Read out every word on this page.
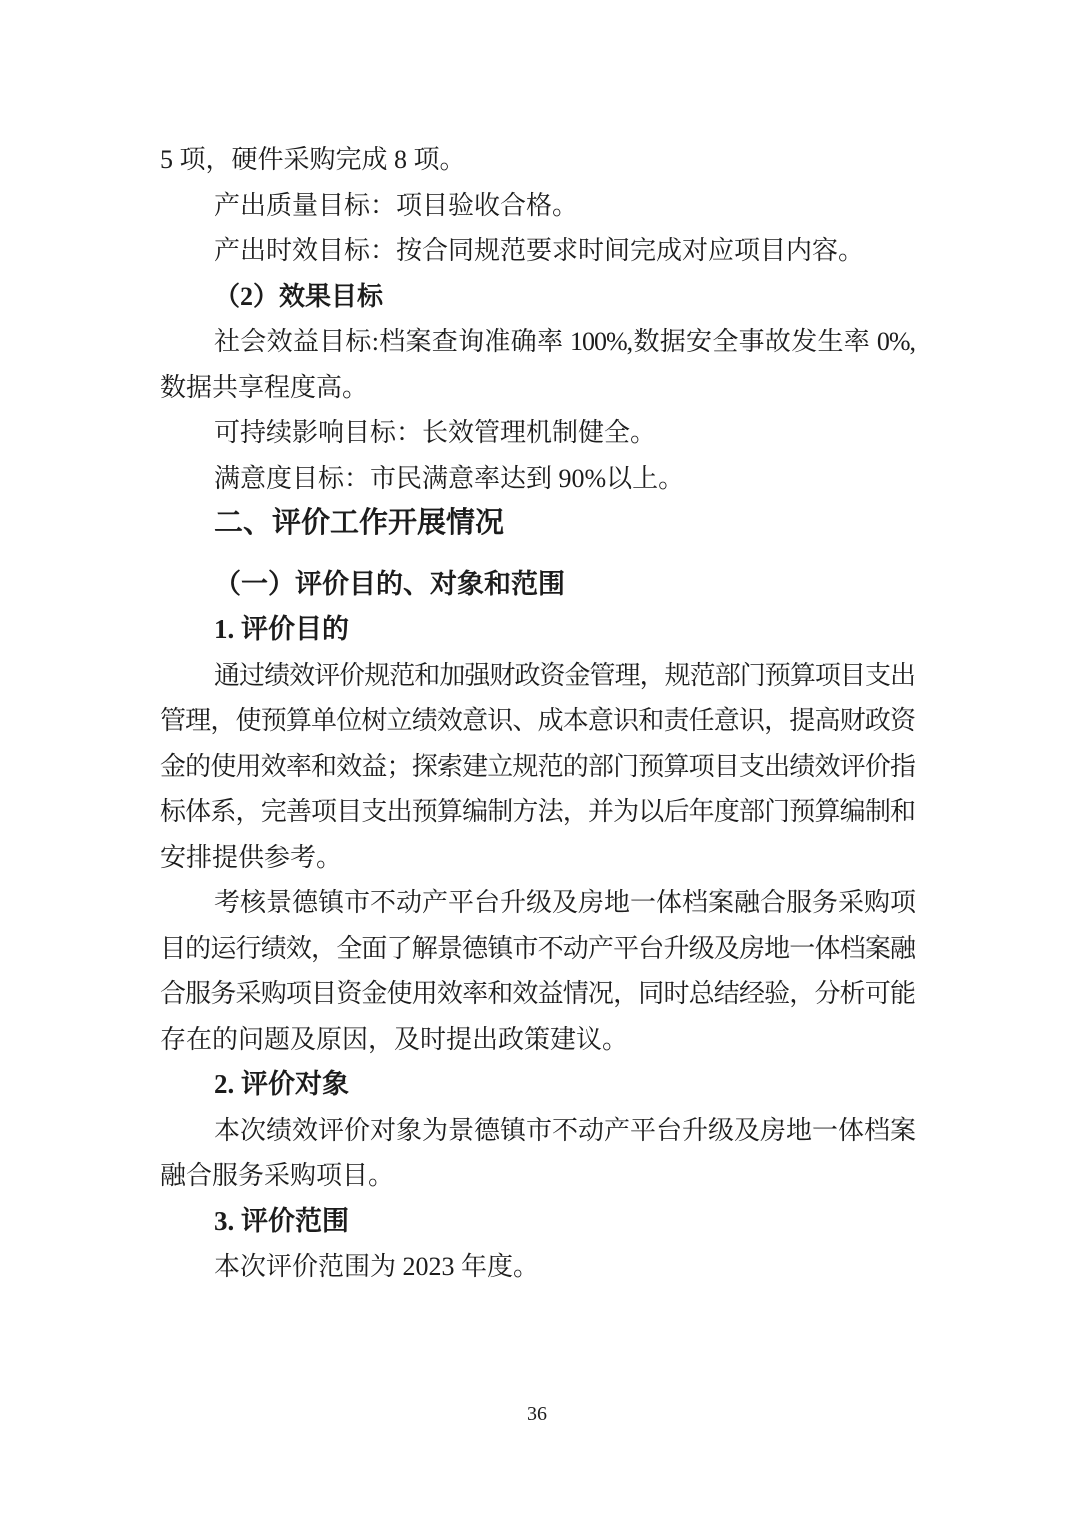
5 项，硬件采购完成 8 项。
产出质量目标：项目验收合格。
产出时效目标：按合同规范要求时间完成对应项目内容。
（2）效果目标
社会效益目标:档案查询准确率 100%,数据安全事故发生率 0%,
数据共享程度高。
可持续影响目标：长效管理机制健全。
满意度目标：市民满意率达到 90%以上。
二、评价工作开展情况
（一）评价目的、对象和范围
1. 评价目的
通过绩效评价规范和加强财政资金管理，规范部门预算项目支出
管理，使预算单位树立绩效意识、成本意识和责任意识，提高财政资
金的使用效率和效益；探索建立规范的部门预算项目支出绩效评价指
标体系，完善项目支出预算编制方法，并为以后年度部门预算编制和
安排提供参考。
考核景德镇市不动产平台升级及房地一体档案融合服务采购项
目的运行绩效，全面了解景德镇市不动产平台升级及房地一体档案融
合服务采购项目资金使用效率和效益情况，同时总结经验，分析可能
存在的问题及原因，及时提出政策建议。
2. 评价对象
本次绩效评价对象为景德镇市不动产平台升级及房地一体档案
融合服务采购项目。
3. 评价范围
本次评价范围为 2023 年度。
36
